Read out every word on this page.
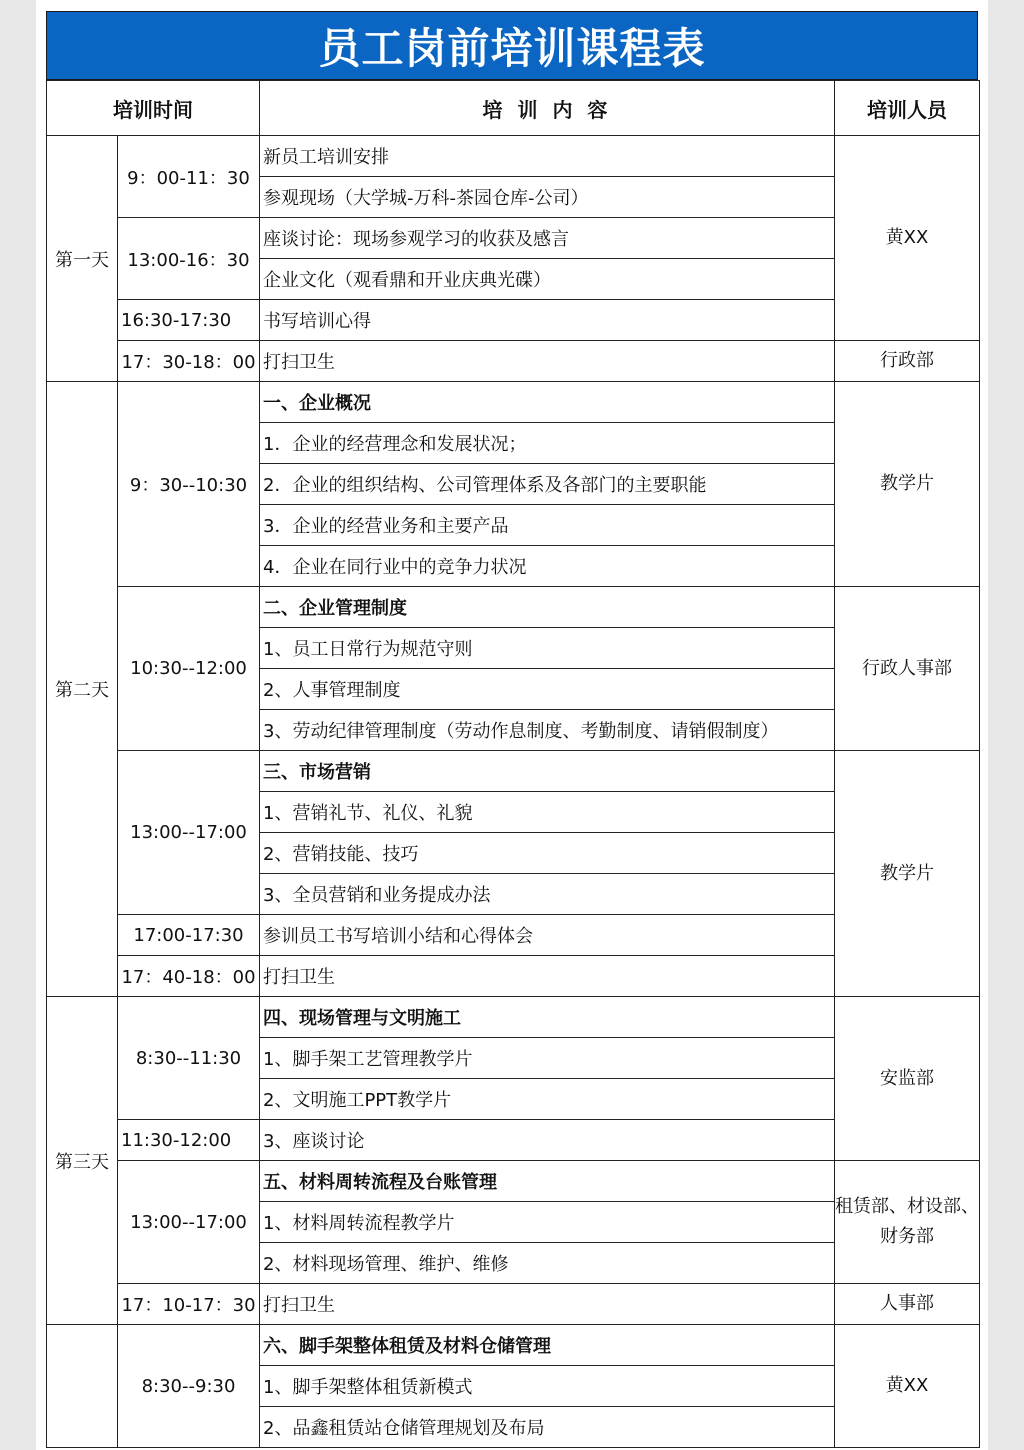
员工岗前培训课程表
培训时间		培 训 内 容	培训人员
第一天	9：00-11：30	新员工培训安排	黄XX
		参观现场（大学城-万科-茶园仓库-公司）	
	13:00-16：30	座谈讨论：现场参观学习的收获及感言	
		企业文化（观看鼎和开业庆典光碟）	
	16:30-17:30	书写培训心得	
	17：30-18：00	打扫卫生	行政部
第二天	9：30--10:30	一、企业概况	教学片
		1．企业的经营理念和发展状况；	
		2．企业的组织结构、公司管理体系及各部门的主要职能	
		3．企业的经营业务和主要产品	
		4．企业在同行业中的竞争力状况	
	10:30--12:00	二、企业管理制度	行政人事部
		1、员工日常行为规范守则	
		2、人事管理制度	
		3、劳动纪律管理制度（劳动作息制度、考勤制度、请销假制度）	
	13:00--17:00	三、市场营销	教学片
		1、营销礼节、礼仪、礼貌	
		2、营销技能、技巧	
		3、全员营销和业务提成办法	
	17:00-17:30	参训员工书写培训小结和心得体会	
	17：40-18：00	打扫卫生	
第三天	8:30--11:30	四、现场管理与文明施工	安监部
		1、脚手架工艺管理教学片	
		2、文明施工PPT教学片	
	11:30-12:00	3、座谈讨论	
	13:00--17:00	五、材料周转流程及台账管理	租赁部、材设部、财务部
		1、材料周转流程教学片	
		2、材料现场管理、维护、维修	
	17：10-17：30	打扫卫生	人事部
	8:30--9:30	六、脚手架整体租赁及材料仓储管理	黄XX
		1、脚手架整体租赁新模式	
		2、品鑫租赁站仓储管理规划及布局	
